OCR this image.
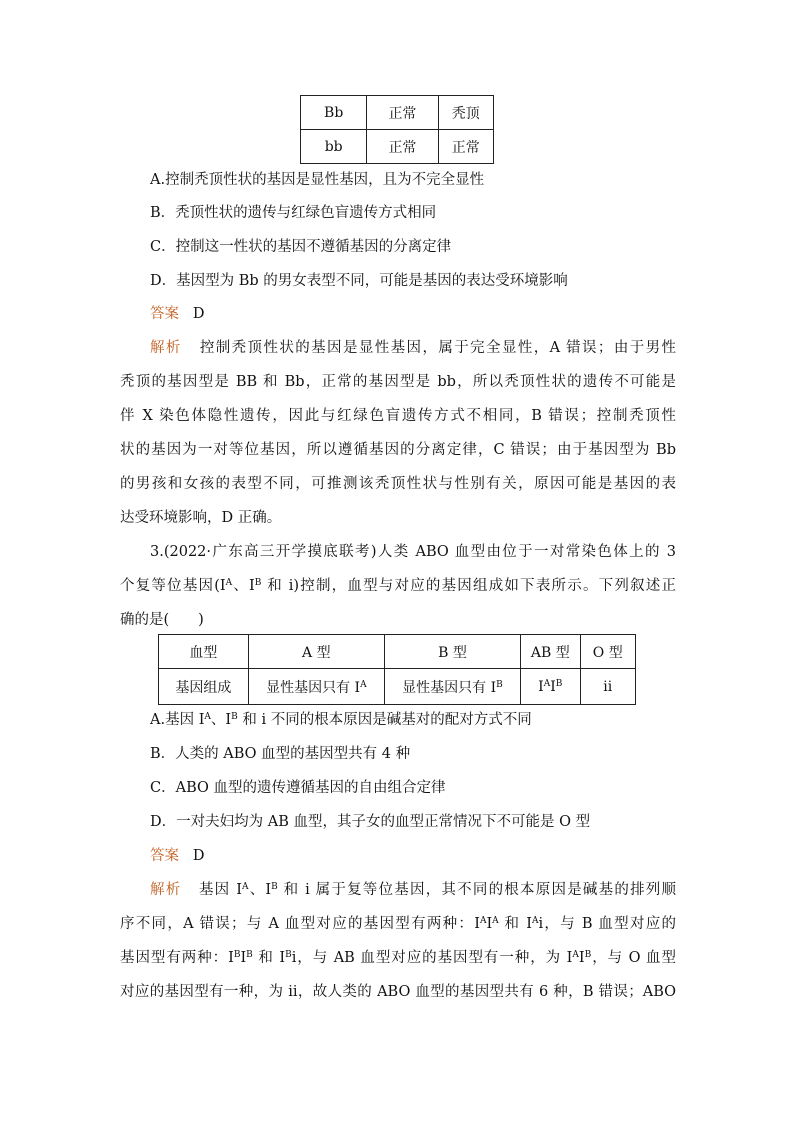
Bb	正常	秃顶
bb	正常	正常
A.控制秃顶性状的基因是显性基因，且为不完全显性
B．秃顶性状的遗传与红绿色盲遗传方式相同
C．控制这一性状的基因不遵循基因的分离定律
D．基因型为 Bb 的男女表型不同，可能是基因的表达受环境影响
答案 D
解析 控制秃顶性状的基因是显性基因，属于完全显性，A 错误；由于男性
秃顶的基因型是 BB 和 Bb，正常的基因型是 bb，所以秃顶性状的遗传不可能是
伴 X 染色体隐性遗传，因此与红绿色盲遗传方式不相同，B 错误；控制秃顶性
状的基因为一对等位基因，所以遵循基因的分离定律，C 错误；由于基因型为 Bb
的男孩和女孩的表型不同，可推测该秃顶性状与性别有关，原因可能是基因的表
达受环境影响，D 正确。
3.(2022·广东高三开学摸底联考)人类 ABO 血型由位于一对常染色体上的 3
个复等位基因($I^A$、$I^B$ 和 i)控制，血型与对应的基因组成如下表所示。下列叙述正
确的是(　　)
血型	A 型	B 型	AB 型	O 型
基因组成	显性基因只有 $I^A$	显性基因只有 $I^B$	$I^AI^B$	ii
A.基因 $I^A$、$I^B$ 和 i 不同的根本原因是碱基对的配对方式不同
B．人类的 ABO 血型的基因型共有 4 种
C．ABO 血型的遗传遵循基因的自由组合定律
D．一对夫妇均为 AB 血型，其子女的血型正常情况下不可能是 O 型
答案 D
解析 基因 $I^A$、$I^B$ 和 i 属于复等位基因，其不同的根本原因是碱基的排列顺
序不同，A 错误；与 A 血型对应的基因型有两种：$I^AI^A$ 和 $I^Ai$，与 B 血型对应的
基因型有两种：$I^BI^B$ 和 $I^Bi$，与 AB 血型对应的基因型有一种，为 $I^AI^B$，与 O 血型
对应的基因型有一种，为 ii，故人类的 ABO 血型的基因型共有 6 种，B 错误；ABO
